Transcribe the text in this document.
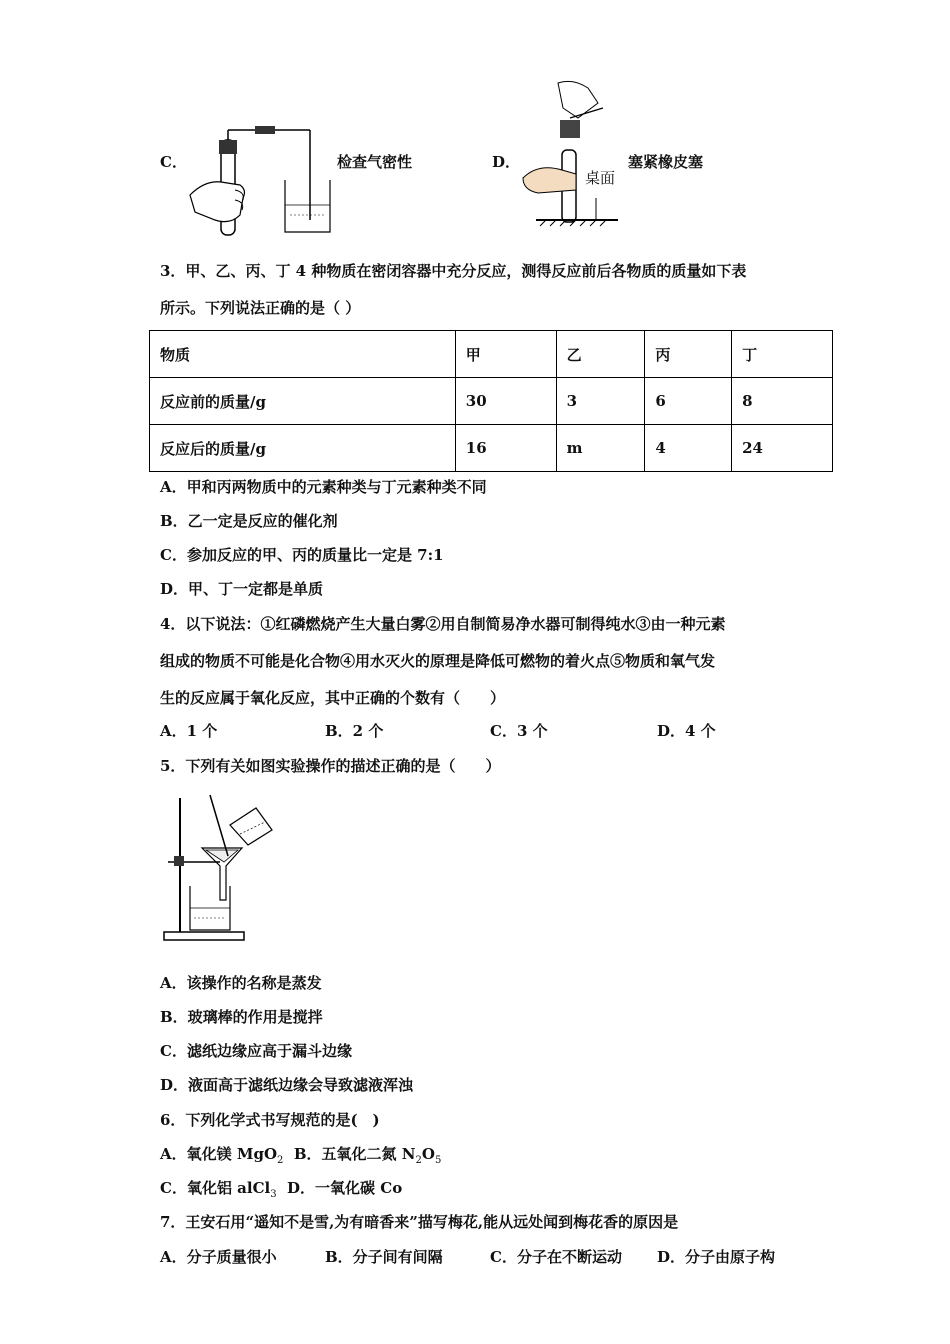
C．	检查气密性	D．
桌面
塞紧橡皮塞
3．甲、乙、丙、丁 4 种物质在密闭容器中充分反应，测得反应前后各物质的质量如下表
所示。下列说法正确的是（ ）
物质	甲	乙	丙	丁
反应前的质量/g	30	3	6	8
反应后的质量/g	16	m	4	24
A．甲和丙两物质中的元素种类与丁元素种类不同
B．乙一定是反应的催化剂
C．参加反应的甲、丙的质量比一定是 7:1
D．甲、丁一定都是单质
4．以下说法：①红磷燃烧产生大量白雾②用自制简易净水器可制得纯水③由一种元素
组成的物质不可能是化合物④用水灭火的原理是降低可燃物的着火点⑤物质和氧气发
生的反应属于氧化反应，其中正确的个数有（　　）
A．1 个	B．2 个	C．3 个	D．4 个
5．下列有关如图实验操作的描述正确的是（　　）
A．该操作的名称是蒸发
B．玻璃棒的作用是搅拌
C．滤纸边缘应高于漏斗边缘
D．液面高于滤纸边缘会导致滤液浑浊
6．下列化学式书写规范的是(　)
A．氧化镁 MgO$_2$ B．五氧化二氮 $N_2O_5$
C．氧化铝 alCl$_3$ D．一氧化碳 Co
7．王安石用“遥知不是雪,为有暗香来”描写梅花,能从远处闻到梅花香的原因是
A．分子质量很小	B．分子间有间隔	C．分子在不断运动 D．分子由原子构
